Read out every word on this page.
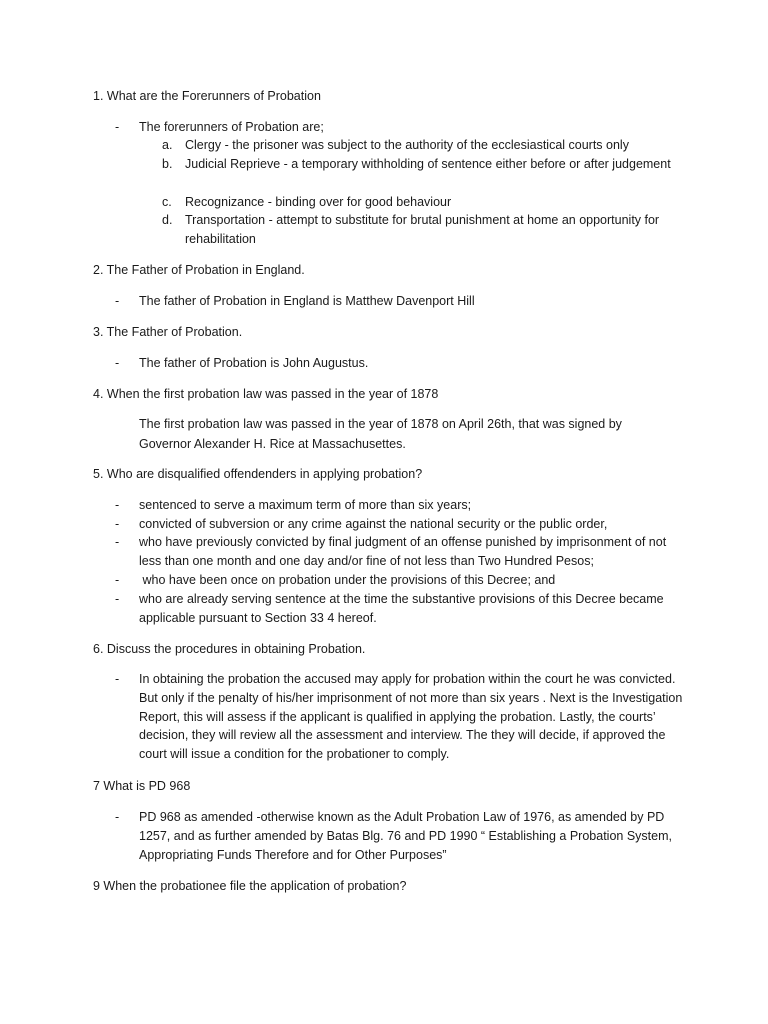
1. What are the Forerunners of Probation
- The forerunners of Probation are;
a. Clergy - the prisoner was subject to the authority of the ecclesiastical courts only
b. Judicial Reprieve - a temporary withholding of sentence either before or after judgement
c. Recognizance - binding over for good behaviour
d. Transportation - attempt to substitute for brutal punishment at home an opportunity for rehabilitation
2. The Father of Probation in England.
- The father of Probation in England is Matthew Davenport Hill
3. The Father of Probation.
- The father of Probation is John Augustus.
4. When the first probation law was passed in the year of 1878
The first probation law was passed in the year of 1878 on April 26th, that was signed by Governor Alexander H. Rice at Massachusettes.
5. Who are disqualified offendenders in applying probation?
- sentenced to serve a maximum term of more than six years;
- convicted of subversion or any crime against the national security or the public order,
- who have previously convicted by final judgment of an offense punished by imprisonment of not less than one month and one day and/or fine of not less than Two Hundred Pesos;
- who have been once on probation under the provisions of this Decree; and
- who are already serving sentence at the time the substantive provisions of this Decree became applicable pursuant to Section 33 4 hereof.
6. Discuss the procedures in obtaining Probation.
- In obtaining the probation the accused may apply for probation within the court he was convicted. But only if the penalty of his/her imprisonment of not more than six years . Next is the Investigation Report, this will assess if the applicant is qualified in applying the probation. Lastly, the courts’ decision, they will review all the assessment and interview. The they will decide, if approved the court will issue a condition for the probationer to comply.
7 What is PD 968
- PD 968 as amended -otherwise known as the Adult Probation Law of 1976, as amended by PD 1257, and as further amended by Batas Blg. 76 and PD 1990 “ Establishing a Probation System, Appropriating Funds Therefore and for Other Purposes”
9 When the probationee file the application of probation?
